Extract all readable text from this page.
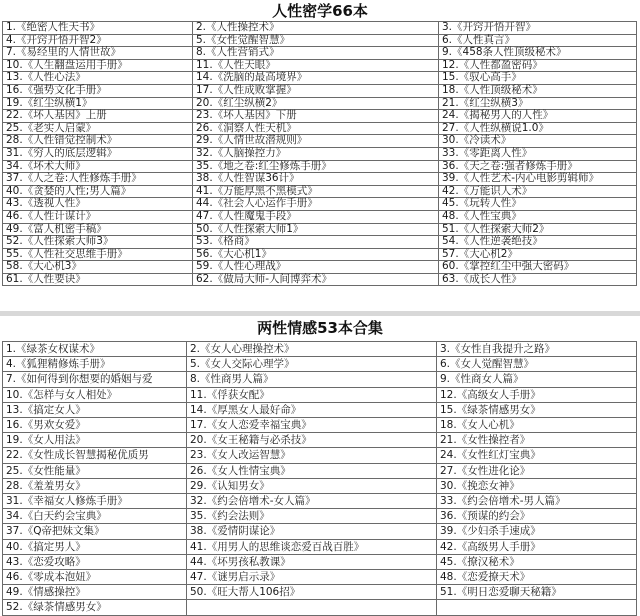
人性密学66本
1.《绝密人性天书》	2.《人性操控术》	3.《开窍开悟开智》
4.《开窍开悟开智2》	5.《女性觉醒智慧》	6.《人性真言》
7.《易经里的人情世故》	8.《人性营销式》	9.《458条人性顶级秘术》
10.《人生翻盘运用手册》	11.《人性天眼》	12.《人性都盈密码》
13.《人性心法》	14.《洗脑的最高境界》	15.《驭心高手》
16.《强势文化手册》	17.《人性成败掌握》	18.《人性顶级秘术》
19.《红尘纵横1》	20.《红尘纵横2》	21.《红尘纵横3》
22.《坏人基因》上册	23.《坏人基因》下册	24.《揭秘男人的人性》
25.《老实人启蒙》	26.《洞察人性天机》	27.《人性纵横说1.0》
28.《人性错觉控制术》	29.《人情世故潜规则》	30.《冷读术》
31.《穷人的底层逻辑》	32.《人脑操控力》	33.《零距离人性》
34.《坏术大师》	35.《地之卷:红尘修炼手册》	36.《天之卷:强者修炼手册》
37.《人之卷:人性修炼手册》	38.《人性智谋36计》	39.《人性艺术-内心电影剪辑师》
40.《贪婪的人性;男人篇》	41.《万能厚黑不黑模式》	42.《万能识人术》
43.《透视人性》	44.《社会人心运作手册》	45.《玩转人性》
46.《人性计谋计》	47.《人性魔鬼手段》	48.《人性宝典》
49.《富人机密手稿》	50.《人性探索大师1》	51.《人性探索大师2》
52.《人性探索大师3》	53.《格商》	54.《人性逆袭绝技》
55.《人性社交思维手册》	56.《大心机1》	57.《大心机2》
58.《大心机3》	59.《人性心理战》	60.《掌控红尘中强大密码》
61.《人性要诀》	62.《做局大师-人间博弈术》	63.《成长人性》
两性情感53本合集
1.《绿茶女权谋术》	2.《女人心理操控术》	3.《女性自我提升之路》
4.《狐狸精修炼手册》	5.《女人交际心理学》	6.《女人觉醒智慧》
7.《如何得到你想要的婚姻与爱	8.《性商男人篇》	9.《性商女人篇》
10.《怎样与女人相处》	11.《俘获女配》	12.《高级女人手册》
13.《搞定女人》	14.《厚黑女人最好命》	15.《绿茶情感男女》
16.《男欢女爱》	17.《女人恋爱幸福宝典》	18.《女人心机》
19.《女人用法》	20.《女王秘籍与必杀技》	21.《女性操控者》
22.《女性成长智慧揭秘优质男	23.《女人改运智慧》	24.《女性红灯宝典》
25.《女性能量》	26.《女人性情宝典》	27.《女性进化论》
28.《羞羞男女》	29.《认知男女》	30.《挽恋女神》
31.《幸福女人修炼手册》	32.《约会倍增术-女人篇》	33.《约会倍增术-男人篇》
34.《白天约会宝典》	35.《约会法则》	36.《预谋的约会》
37.《Q帝把妹文集》	38.《爱情阴谋论》	39.《少妇杀手速成》
40.《搞定男人》	41.《用男人的思维谈恋爱百战百胜》	42.《高级男人手册》
43.《恋爱攻略》	44.《坏男孩私教课》	45.《撩汉秘术》
46.《零成本泡妞》	47.《谜男启示录》	48.《恋爱撩天术》
49.《情感操控》	50.《旺大帮人106招》	51.《明日恋爱聊天秘籍》
52.《绿茶情感男女》		
